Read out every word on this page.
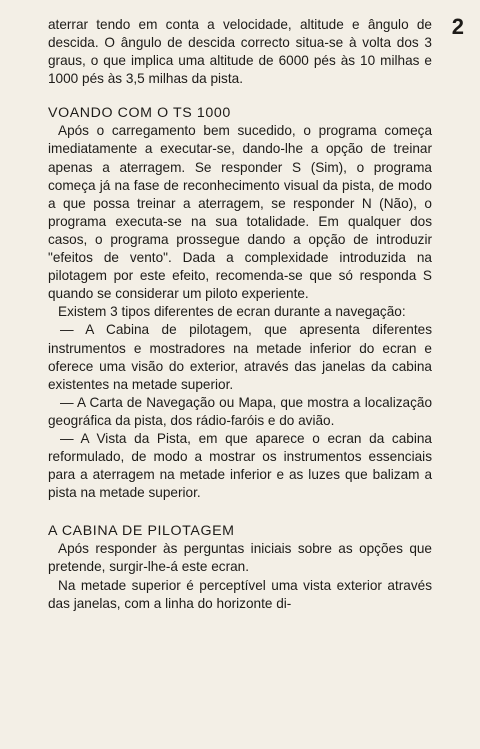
2

aterrar tendo em conta a velocidade, altitude e ângulo de descida. O ângulo de descida correcto situa-se à volta dos 3 graus, o que implica uma altitude de 6000 pés às 10 milhas e 1000 pés às 3,5 milhas da pista.

VOANDO COM O TS 1000

Após o carregamento bem sucedido, o programa começa imediatamente a executar-se, dando-lhe a opção de treinar apenas a aterragem. Se responder S (Sim), o programa começa já na fase de reconhecimento visual da pista, de modo a que possa treinar a aterragem, se responder N (Não), o programa executa-se na sua totalidade. Em qualquer dos casos, o programa prossegue dando a opção de introduzir "efeitos de vento". Dada a complexidade introduzida na pilotagem por este efeito, recomenda-se que só responda S quando se considerar um piloto experiente.

Existem 3 tipos diferentes de ecran durante a navegação:

— A Cabina de pilotagem, que apresenta diferentes instrumentos e mostradores na metade inferior do ecran e oferece uma visão do exterior, através das janelas da cabina existentes na metade superior.

— A Carta de Navegação ou Mapa, que mostra a localização geográfica da pista, dos rádio-faróis e do avião.

— A Vista da Pista, em que aparece o ecran da cabina reformulado, de modo a mostrar os instrumentos essenciais para a aterragem na metade inferior e as luzes que balizam a pista na metade superior.

A CABINA DE PILOTAGEM

Após responder às perguntas iniciais sobre as opções que pretende, surgir-lhe-á este ecran.

Na metade superior é perceptível uma vista exterior através das janelas, com a linha do horizonte di-
